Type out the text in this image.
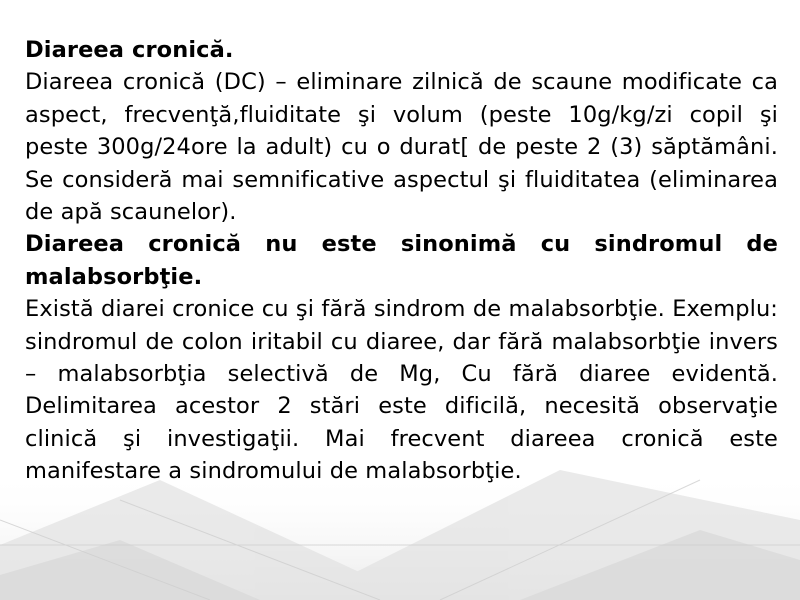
Diareea cronică.

Diareea cronică (DC) – eliminare zilnică de scaune modificate ca aspect, frecvenţă,fluiditate şi volum (peste 10g/kg/zi copil şi peste 300g/24ore la adult) cu o durat[ de peste 2 (3) săptămâni. Se consideră mai semnificative aspectul şi fluiditatea (eliminarea de apă scaunelor).

Diareea cronică nu este sinonimă cu sindromul de malabsorbţie.

Există diarei cronice cu şi fără sindrom de malabsorbţie. Exemplu: sindromul de colon iritabil cu diaree, dar fără malabsorbţie invers – malabsorbţia selectivă de Mg, Cu fără diaree evidentă. Delimitarea acestor 2 stări este dificilă, necesită observaţie clinică şi investigaţii. Mai frecvent diareea cronică este manifestare a sindromului de malabsorbţie.
